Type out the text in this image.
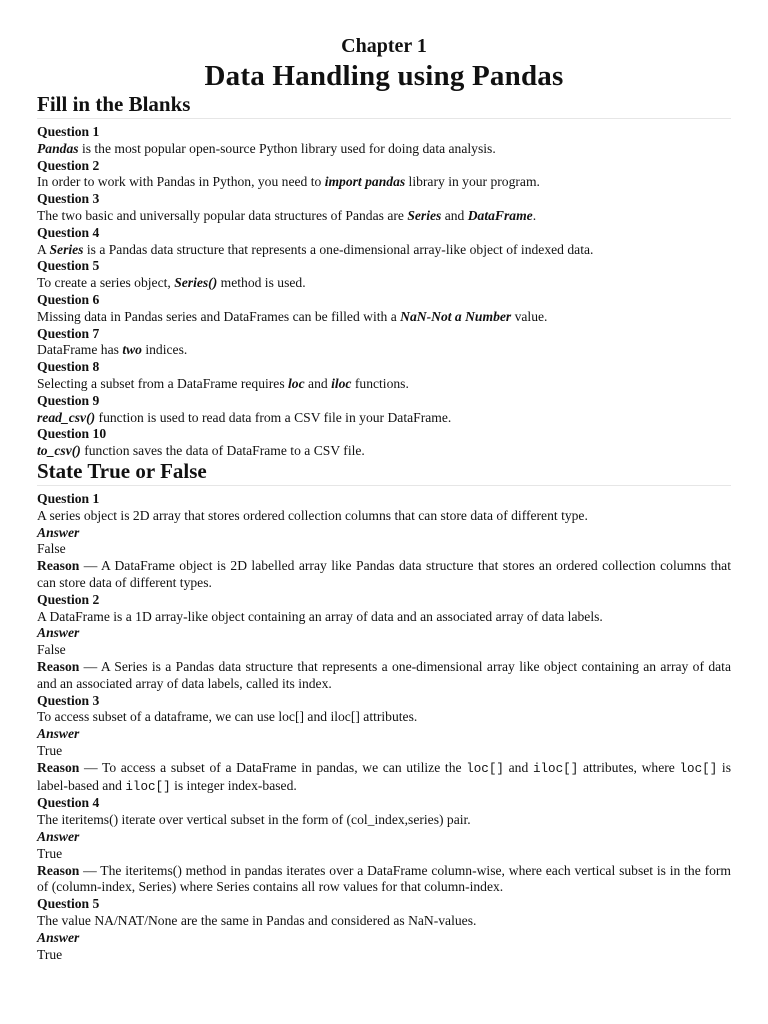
Chapter 1
Data Handling using Pandas
Fill in the Blanks
Question 1
Pandas is the most popular open-source Python library used for doing data analysis.
Question 2
In order to work with Pandas in Python, you need to import pandas library in your program.
Question 3
The two basic and universally popular data structures of Pandas are Series and DataFrame.
Question 4
A Series is a Pandas data structure that represents a one-dimensional array-like object of indexed data.
Question 5
To create a series object, Series() method is used.
Question 6
Missing data in Pandas series and DataFrames can be filled with a NaN-Not a Number value.
Question 7
DataFrame has two indices.
Question 8
Selecting a subset from a DataFrame requires loc and iloc functions.
Question 9
read_csv() function is used to read data from a CSV file in your DataFrame.
Question 10
to_csv() function saves the data of DataFrame to a CSV file.
State True or False
Question 1
A series object is 2D array that stores ordered collection columns that can store data of different type.
Answer
False
Reason — A DataFrame object is 2D labelled array like Pandas data structure that stores an ordered collection columns that can store data of different types.
Question 2
A DataFrame is a 1D array-like object containing an array of data and an associated array of data labels.
Answer
False
Reason — A Series is a Pandas data structure that represents a one-dimensional array like object containing an array of data and an associated array of data labels, called its index.
Question 3
To access subset of a dataframe, we can use loc[] and iloc[] attributes.
Answer
True
Reason — To access a subset of a DataFrame in pandas, we can utilize the loc[] and iloc[] attributes, where loc[] is label-based and iloc[] is integer index-based.
Question 4
The iteritems() iterate over vertical subset in the form of (col_index,series) pair.
Answer
True
Reason — The iteritems() method in pandas iterates over a DataFrame column-wise, where each vertical subset is in the form of (column-index, Series) where Series contains all row values for that column-index.
Question 5
The value NA/NAT/None are the same in Pandas and considered as NaN-values.
Answer
True
